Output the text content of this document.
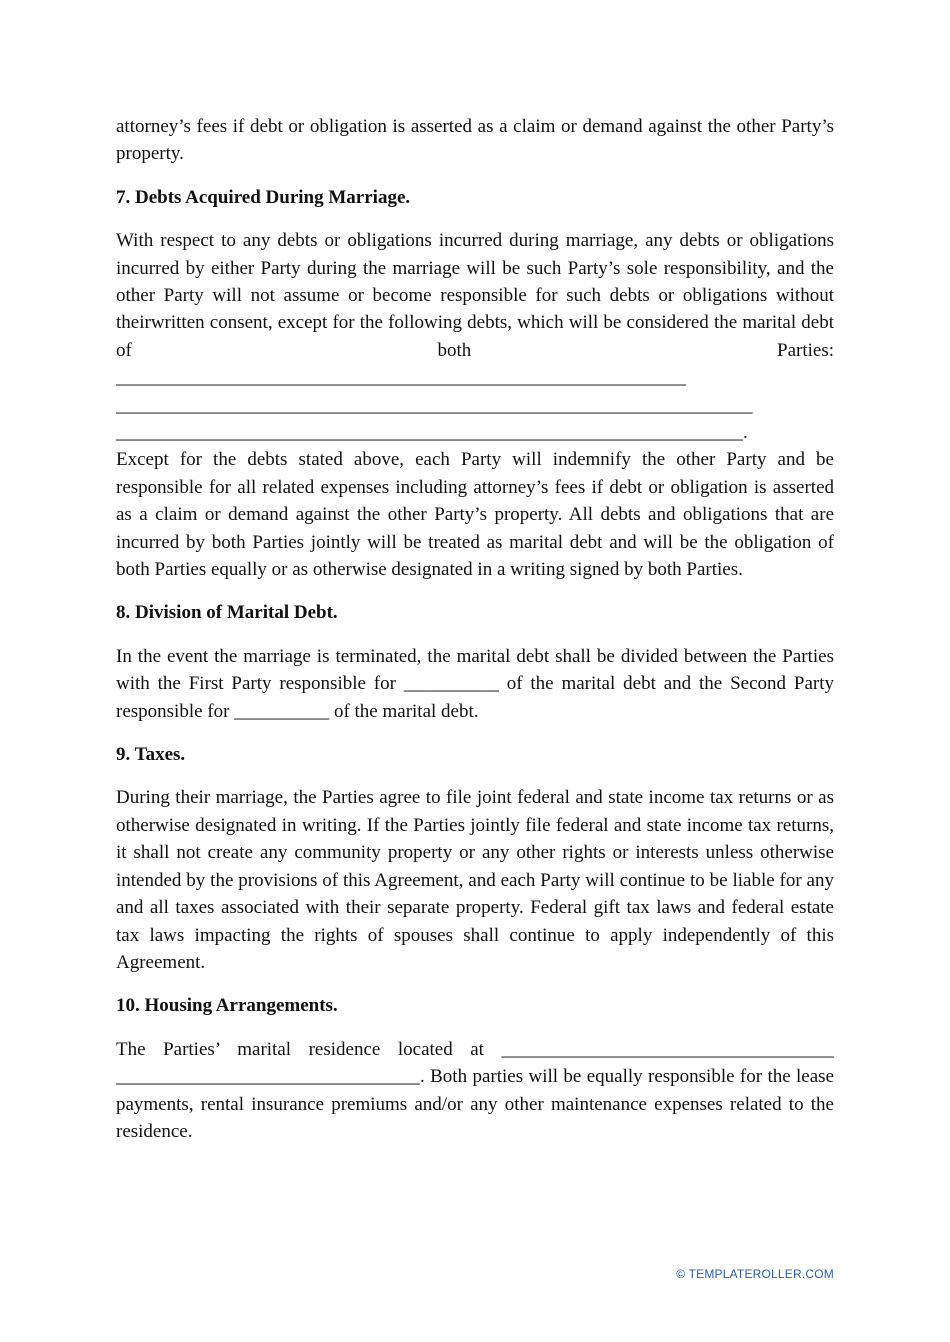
attorney’s fees if debt or obligation is asserted as a claim or demand against the other Party’s property.

7. Debts Acquired During Marriage.

With respect to any debts or obligations incurred during marriage, any debts or obligations incurred by either Party during the marriage will be such Party’s sole responsibility, and the other Party will not assume or become responsible for such debts or obligations without theirwritten consent, except for the following debts, which will be considered the marital debt of both Parties:

____________________________________________________________
___________________________________________________________________
__________________________________________________________________.

Except for the debts stated above, each Party will indemnify the other Party and be responsible for all related expenses including attorney’s fees if debt or obligation is asserted as a claim or demand against the other Party’s property. All debts and obligations that are incurred by both Parties jointly will be treated as marital debt and will be the obligation of both Parties equally or as otherwise designated in a writing signed by both Parties.

8. Division of Marital Debt.

In the event the marriage is terminated, the marital debt shall be divided between the Parties with the First Party responsible for __________ of the marital debt and the Second Party responsible for __________ of the marital debt.

9. Taxes.

During their marriage, the Parties agree to file joint federal and state income tax returns or as otherwise designated in writing. If the Parties jointly file federal and state income tax returns, it shall not create any community property or any other rights or interests unless otherwise intended by the provisions of this Agreement, and each Party will continue to be liable for any and all taxes associated with their separate property. Federal gift tax laws and federal estate tax laws impacting the rights of spouses shall continue to apply independently of this Agreement.

10. Housing Arrangements.

The Parties’ marital residence located at ___________________________________ ________________________________. Both parties will be equally responsible for the lease payments, rental insurance premiums and/or any other maintenance expenses related to the residence.

© TEMPLATEROLLER.COM
